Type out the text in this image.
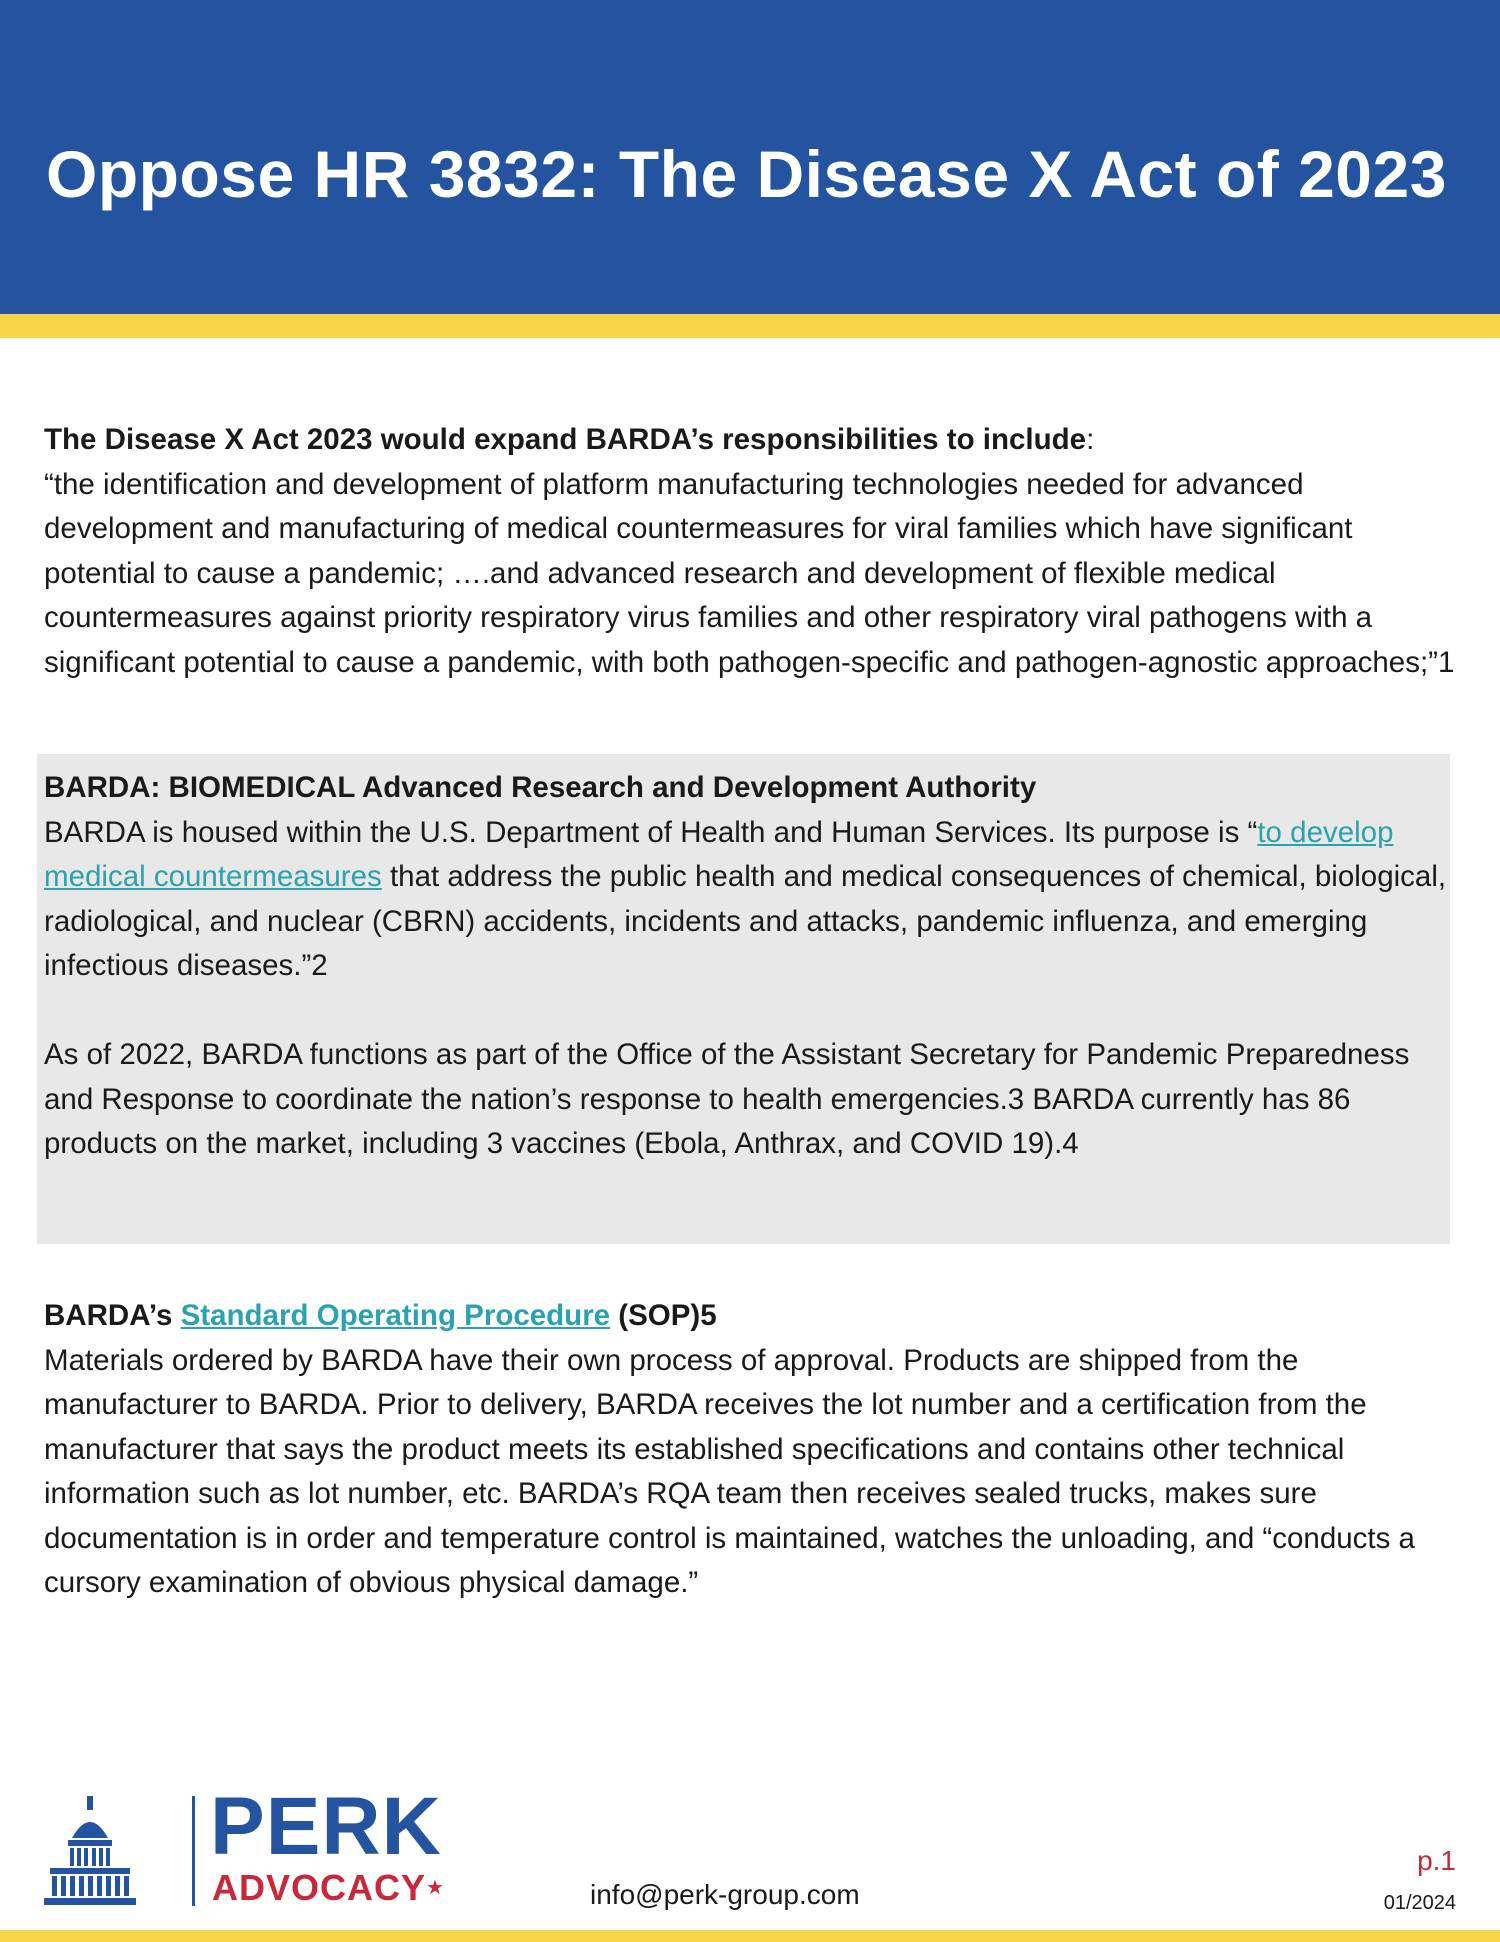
Oppose HR 3832: The Disease X Act of 2023

The Disease X Act 2023 would expand BARDA’s responsibilities to include:

“the identification and development of platform manufacturing technologies needed for advanced development and manufacturing of medical countermeasures for viral families which have significant potential to cause a pandemic; ….and advanced research and development of flexible medical countermeasures against priority respiratory virus families and other respiratory viral pathogens with a significant potential to cause a pandemic, with both pathogen-specific and pathogen-agnostic approaches;”1

BARDA: BIOMEDICAL Advanced Research and Development Authority

BARDA is housed within the U.S. Department of Health and Human Services. Its purpose is “to develop medical countermeasures that address the public health and medical consequences of chemical, biological, radiological, and nuclear (CBRN) accidents, incidents and attacks, pandemic influenza, and emerging infectious diseases.”2

As of 2022, BARDA functions as part of the Office of the Assistant Secretary for Pandemic Preparedness and Response to coordinate the nation’s response to health emergencies.3 BARDA currently has 86 products on the market, including 3 vaccines (Ebola, Anthrax, and COVID 19).4

BARDA’s Standard Operating Procedure (SOP)5

Materials ordered by BARDA have their own process of approval. Products are shipped from the manufacturer to BARDA. Prior to delivery, BARDA receives the lot number and a certification from the manufacturer that says the product meets its established specifications and contains other technical information such as lot number, etc. BARDA’s RQA team then receives sealed trucks, makes sure documentation is in order and temperature control is maintained, watches the unloading, and “conducts a cursory examination of obvious physical damage.”

PERK
ADVOCACY★	info@perk-group.com
p.1
01/2024
